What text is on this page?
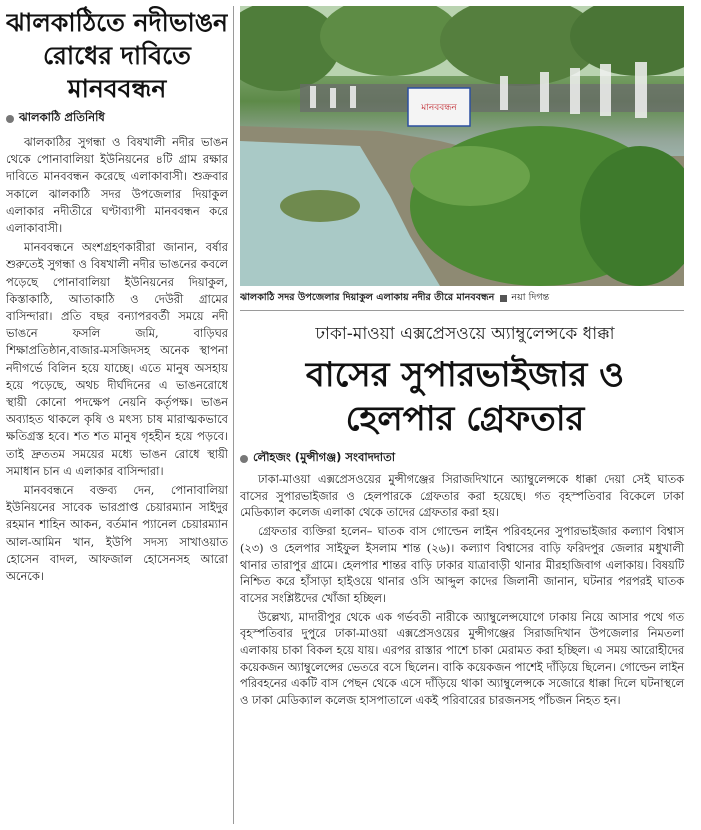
ঝালকাঠিতে নদীভাঙন রোধের দাবিতে মানববন্ধন
ঝালকাঠি প্রতিনিধি

ঝালকাঠির সুগন্ধা ও বিষখালী নদীর ভাঙন থেকে পোনাবালিয়া ইউনিয়নের ৪টি গ্রাম রক্ষার দাবিতে মানববন্ধন করেছে এলাকাবাসী। শুক্রবার সকালে ঝালকাঠি সদর উপজেলার দিয়াকুল এলাকার নদীতীরে ঘণ্টাব্যাপী মানববন্ধন করে এলাকাবাসী।

মানববন্ধনে অংশগ্রহণকারীরা জানান, বর্ষার শুরুতেই সুগন্ধা ও বিষখালী নদীর ভাঙনের কবলে পড়েছে পোনাবালিয়া ইউনিয়নের দিয়াকুল, কিস্তাকাঠি, আতাকাঠি ও দেউরী গ্রামের বাসিন্দারা। প্রতি বছর বন্যাপরবর্তী সময়ে নদী ভাঙনে ফসলি জমি, বাড়িঘর শিক্ষাপ্রতিষ্ঠান,বাজার-মসজিদসহ অনেক স্থাপনা নদীগর্ভে বিলিন হয়ে যাচ্ছে। এতে মানুষ অসহায় হয়ে পড়েছে, অথচ দীর্ঘদিনের এ ভাঙনরোধে স্থায়ী কোনো পদক্ষেপ নেয়নি কর্তৃপক্ষ। ভাঙন অব্যাহত থাকলে কৃষি ও মৎস্য চাষ মারাত্মকভাবে ক্ষতিগ্রস্ত হবে। শত শত মানুষ গৃহহীন হয়ে পড়বে। তাই দ্রুততম সময়ের মধ্যে ভাঙন রোধে স্থায়ী সমাধান চান এ এলাকার বাসিন্দারা।

মানববন্ধনে বক্তব্য দেন, পোনাবালিয়া ইউনিয়নের সাবেক ভারপ্রাপ্ত চেয়ারম্যান সাইদুর রহমান শাহিন আকন, বর্তমান প্যানেল চেয়ারম্যান আল-আমিন খান, ইউপি সদস্য সাখাওয়াত হোসেন বাদল, আফজাল হোসেনসহ আরো অনেকে।

মানববন্ধন
ঝালকাঠি সদর উপজেলার দিয়াকুল এলাকায় নদীর তীরে মানববন্ধন নয়া দিগন্ত
ঢাকা-মাওয়া এক্সপ্রেসওয়ে অ্যাম্বুলেন্সকে ধাক্কা
বাসের সুপারভাইজার ও
হেলপার গ্রেফতার
লৌহজং (মুন্সীগঞ্জ) সংবাদদাতা

ঢাকা-মাওয়া এক্সপ্রেসওয়ের মুন্সীগঞ্জের সিরাজদিখানে অ্যাম্বুলেন্সকে ধাক্কা দেয়া সেই ঘাতক বাসের সুপারভাইজার ও হেলপারকে গ্রেফতার করা হয়েছে। গত বৃহস্পতিবার বিকেলে ঢাকা মেডিক্যাল কলেজ এলাকা থেকে তাদের গ্রেফতার করা হয়।

গ্রেফতার ব্যক্তিরা হলেন– ঘাতক বাস গোল্ডেন লাইন পরিবহনের সুপারভাইজার কল্যাণ বিশ্বাস (২৩) ও হেলপার সাইফুল ইসলাম শান্ত (২৬)। কল্যাণ বিশ্বাসের বাড়ি ফরিদপুর জেলার মধুখালী থানার তারাপুর গ্রামে। হেলপার শান্তর বাড়ি ঢাকার যাত্রাবাড়ী থানার মীরহাজিবাগ এলাকায়। বিষয়টি নিশ্চিত করে হাঁসাড়া হাইওয়ে থানার ওসি আব্দুল কাদের জিলানী জানান, ঘটনার পরপরই ঘাতক বাসের সংশ্লিষ্টদের খোঁজা হচ্ছিল।

উল্লেখ্য, মাদারীপুর থেকে এক গর্ভবতী নারীকে অ্যাম্বুলেন্সযোগে ঢাকায় নিয়ে আসার পথে গত বৃহস্পতিবার দুপুরে ঢাকা-মাওয়া এক্সপ্রেসওয়ের মুন্সীগঞ্জের সিরাজদিখান উপজেলার নিমতলা এলাকায় চাকা বিকল হয়ে যায়। এরপর রাস্তার পাশে চাকা মেরামত করা হচ্ছিল। এ সময় আরোহীদের কয়েকজন অ্যাম্বুলেন্সের ভেতরে বসে ছিলেন। বাকি কয়েকজন পাশেই দাঁড়িয়ে ছিলেন। গোল্ডেন লাইন পরিবহনের একটি বাস পেছন থেকে এসে দাঁড়িয়ে থাকা অ্যাম্বুলেন্সকে সজোরে ধাক্কা দিলে ঘটনাস্থলে ও ঢাকা মেডিক্যাল কলেজ হাসপাতালে একই পরিবারের চারজনসহ পাঁচজন নিহত হন।
